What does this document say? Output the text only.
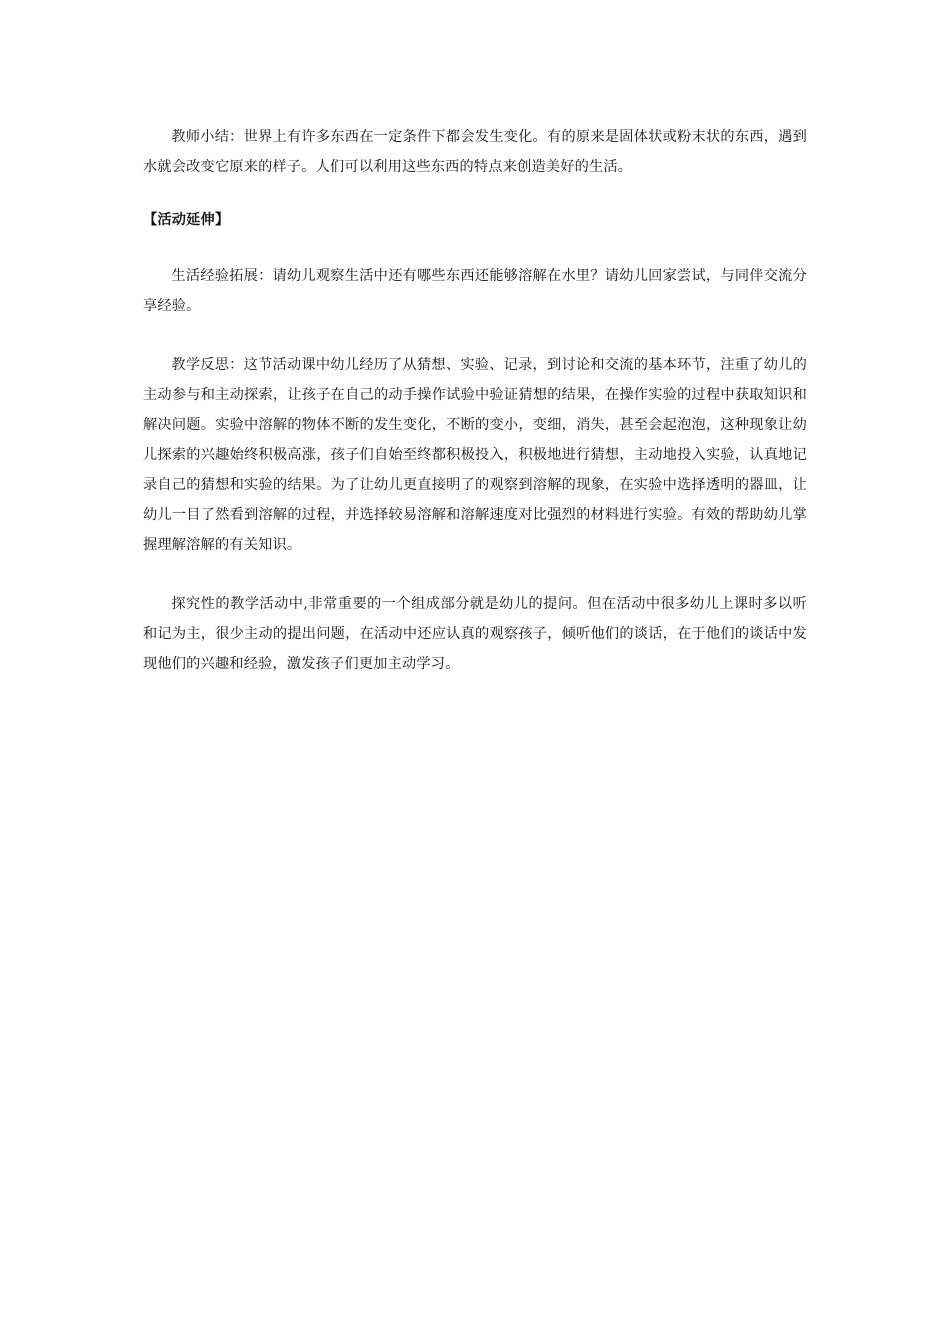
教师小结：世界上有许多东西在一定条件下都会发生变化。有的原来是固体状或粉末状的东西，遇到水就会改变它原来的样子。人们可以利用这些东西的特点来创造美好的生活。

【活动延伸】

生活经验拓展：请幼儿观察生活中还有哪些东西还能够溶解在水里？请幼儿回家尝试，与同伴交流分享经验。

教学反思：这节活动课中幼儿经历了从猜想、实验、记录，到讨论和交流的基本环节，注重了幼儿的主动参与和主动探索，让孩子在自己的动手操作试验中验证猜想的结果，在操作实验的过程中获取知识和解决问题。实验中溶解的物体不断的发生变化，不断的变小，变细，消失，甚至会起泡泡，这种现象让幼儿探索的兴趣始终积极高涨，孩子们自始至终都积极投入，积极地进行猜想，主动地投入实验，认真地记录自己的猜想和实验的结果。为了让幼儿更直接明了的观察到溶解的现象，在实验中选择透明的器皿，让幼儿一目了然看到溶解的过程，并选择较易溶解和溶解速度对比强烈的材料进行实验。有效的帮助幼儿掌握理解溶解的有关知识。

探究性的教学活动中,非常重要的一个组成部分就是幼儿的提问。但在活动中很多幼儿上课时多以听和记为主，很少主动的提出问题，在活动中还应认真的观察孩子，倾听他们的谈话，在于他们的谈话中发现他们的兴趣和经验，激发孩子们更加主动学习。
